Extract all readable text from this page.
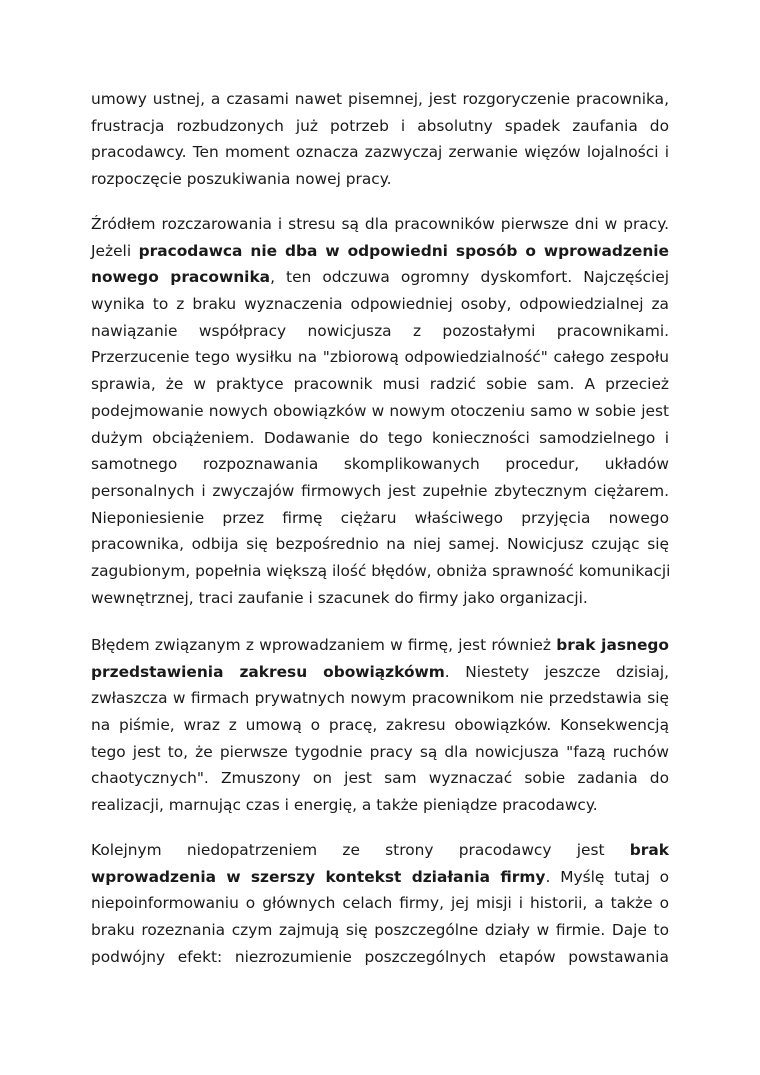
umowy ustnej, a czasami nawet pisemnej, jest rozgoryczenie pracownika,
frustracja rozbudzonych już potrzeb i absolutny spadek zaufania do
pracodawcy. Ten moment oznacza zazwyczaj zerwanie więzów lojalności i
rozpoczęcie poszukiwania nowej pracy.
Źródłem rozczarowania i stresu są dla pracowników pierwsze dni w pracy.
Jeżeli pracodawca nie dba w odpowiedni sposób o wprowadzenie
nowego pracownika, ten odczuwa ogromny dyskomfort. Najczęściej
wynika to z braku wyznaczenia odpowiedniej osoby, odpowiedzialnej za
nawiązanie współpracy nowicjusza z pozostałymi pracownikami.
Przerzucenie tego wysiłku na "zbiorową odpowiedzialność" całego zespołu
sprawia, że w praktyce pracownik musi radzić sobie sam. A przecież
podejmowanie nowych obowiązków w nowym otoczeniu samo w sobie jest
dużym obciążeniem. Dodawanie do tego konieczności samodzielnego i
samotnego rozpoznawania skomplikowanych procedur, układów
personalnych i zwyczajów firmowych jest zupełnie zbytecznym ciężarem.
Nieponiesienie przez firmę ciężaru właściwego przyjęcia nowego
pracownika, odbija się bezpośrednio na niej samej. Nowicjusz czując się
zagubionym, popełnia większą ilość błędów, obniża sprawność komunikacji
wewnętrznej, traci zaufanie i szacunek do firmy jako organizacji.
Błędem związanym z wprowadzaniem w firmę, jest również brak jasnego
przedstawienia zakresu obowiązkówm. Niestety jeszcze dzisiaj,
zwłaszcza w firmach prywatnych nowym pracownikom nie przedstawia się
na piśmie, wraz z umową o pracę, zakresu obowiązków. Konsekwencją
tego jest to, że pierwsze tygodnie pracy są dla nowicjusza "fazą ruchów
chaotycznych". Zmuszony on jest sam wyznaczać sobie zadania do
realizacji, marnując czas i energię, a także pieniądze pracodawcy.
Kolejnym niedopatrzeniem ze strony pracodawcy jest brak
wprowadzenia w szerszy kontekst działania firmy. Myślę tutaj o
niepoinformowaniu o głównych celach firmy, jej misji i historii, a także o
braku rozeznania czym zajmują się poszczególne działy w firmie. Daje to
podwójny efekt: niezrozumienie poszczególnych etapów powstawania
